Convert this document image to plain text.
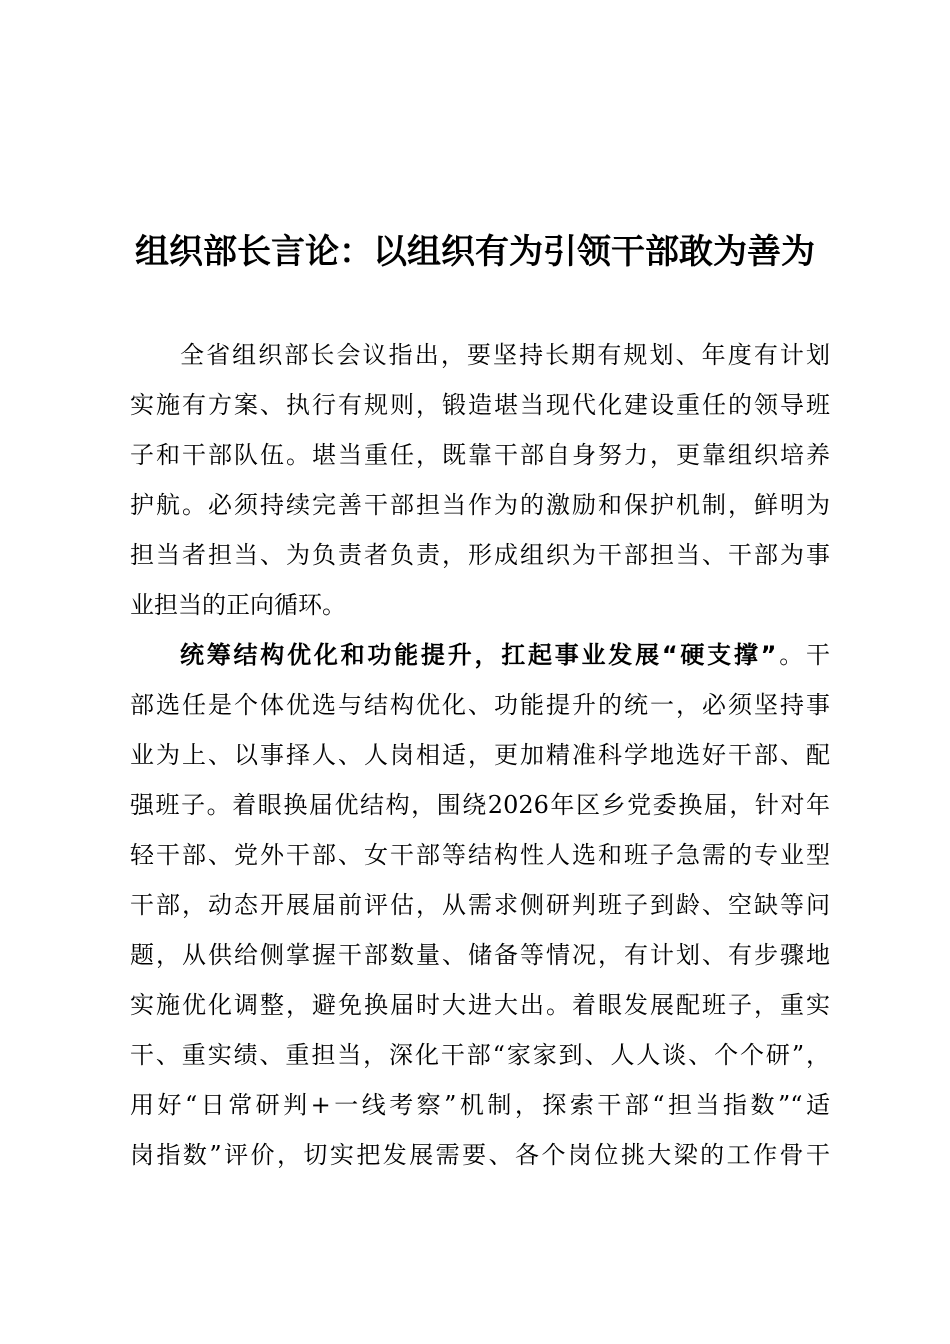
组织部长言论：以组织有为引领干部敢为善为
全省组织部长会议指出，要坚持长期有规划、年度有计划
实施有方案、执行有规则，锻造堪当现代化建设重任的领导班
子和干部队伍。堪当重任，既靠干部自身努力，更靠组织培养
护航。必须持续完善干部担当作为的激励和保护机制，鲜明为
担当者担当、为负责者负责，形成组织为干部担当、干部为事
业担当的正向循环。
统筹结构优化和功能提升，扛起事业发展“硬支撑”。干
部选任是个体优选与结构优化、功能提升的统一，必须坚持事
业为上、以事择人、人岗相适，更加精准科学地选好干部、配
强班子。着眼换届优结构，围绕2026年区乡党委换届，针对年
轻干部、党外干部、女干部等结构性人选和班子急需的专业型
干部，动态开展届前评估，从需求侧研判班子到龄、空缺等问
题，从供给侧掌握干部数量、储备等情况，有计划、有步骤地
实施优化调整，避免换届时大进大出。着眼发展配班子，重实
干、重实绩、重担当，深化干部“家家到、人人谈、个个研”，
用好“日常研判+一线考察”机制，探索干部“担当指数”“适
岗指数”评价，切实把发展需要、各个岗位挑大梁的工作骨干
